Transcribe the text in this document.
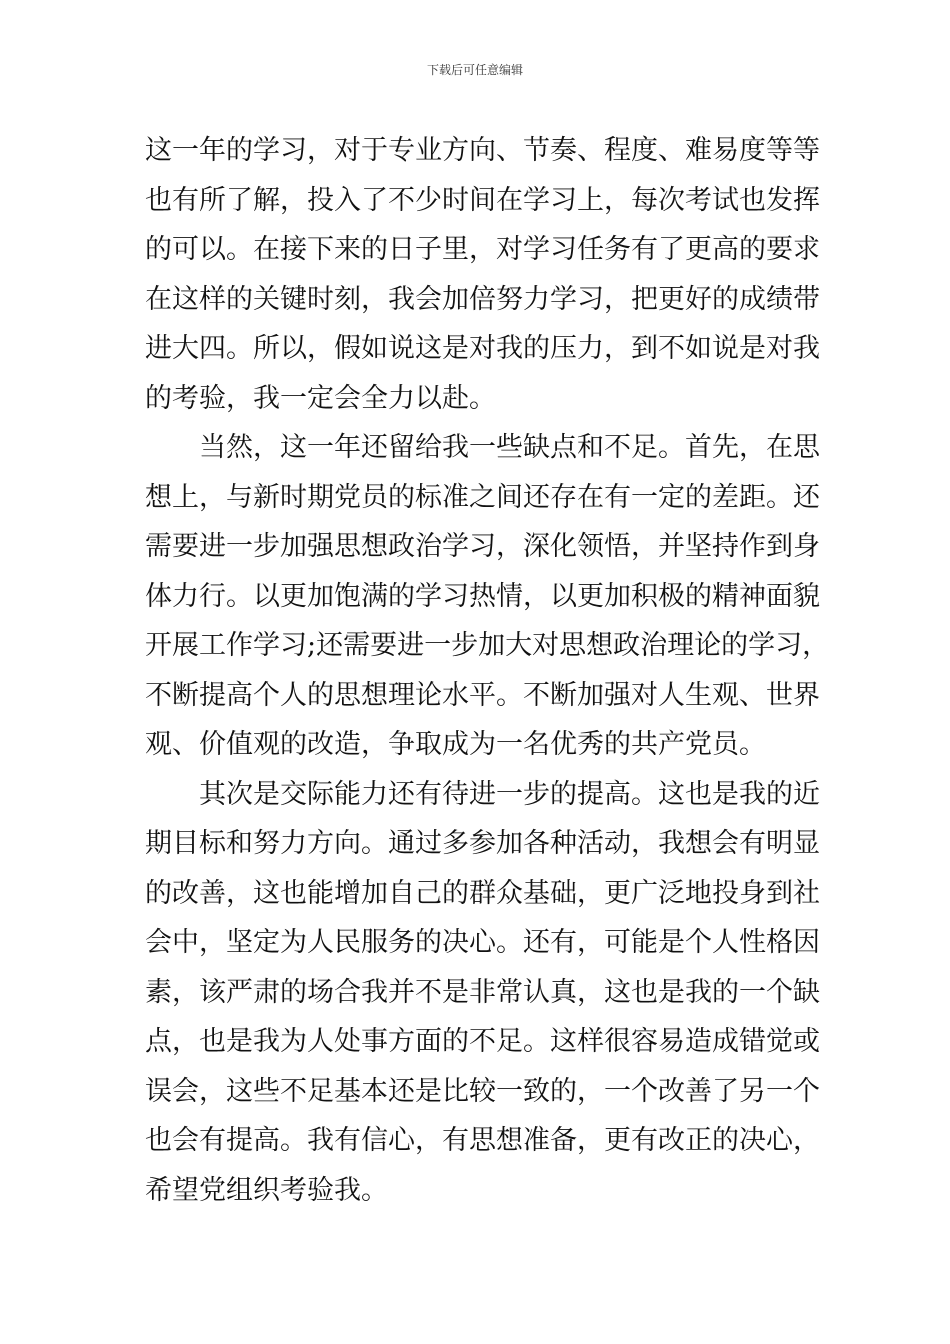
下载后可任意编辑
这一年的学习，对于专业方向、节奏、程度、难易度等等
也有所了解，投入了不少时间在学习上，每次考试也发挥
的可以。在接下来的日子里，对学习任务有了更高的要求
在这样的关键时刻，我会加倍努力学习，把更好的成绩带
进大四。所以，假如说这是对我的压力，到不如说是对我
的考验，我一定会全力以赴。
当然，这一年还留给我一些缺点和不足。首先，在思
想上，与新时期党员的标准之间还存在有一定的差距。还
需要进一步加强思想政治学习，深化领悟，并坚持作到身
体力行。以更加饱满的学习热情，以更加积极的精神面貌
开展工作学习;还需要进一步加大对思想政治理论的学习，
不断提高个人的思想理论水平。不断加强对人生观、世界
观、价值观的改造，争取成为一名优秀的共产党员。
其次是交际能力还有待进一步的提高。这也是我的近
期目标和努力方向。通过多参加各种活动，我想会有明显
的改善，这也能增加自己的群众基础，更广泛地投身到社
会中，坚定为人民服务的决心。还有，可能是个人性格因
素，该严肃的场合我并不是非常认真，这也是我的一个缺
点，也是我为人处事方面的不足。这样很容易造成错觉或
误会，这些不足基本还是比较一致的，一个改善了另一个
也会有提高。我有信心，有思想准备，更有改正的决心，
希望党组织考验我。
